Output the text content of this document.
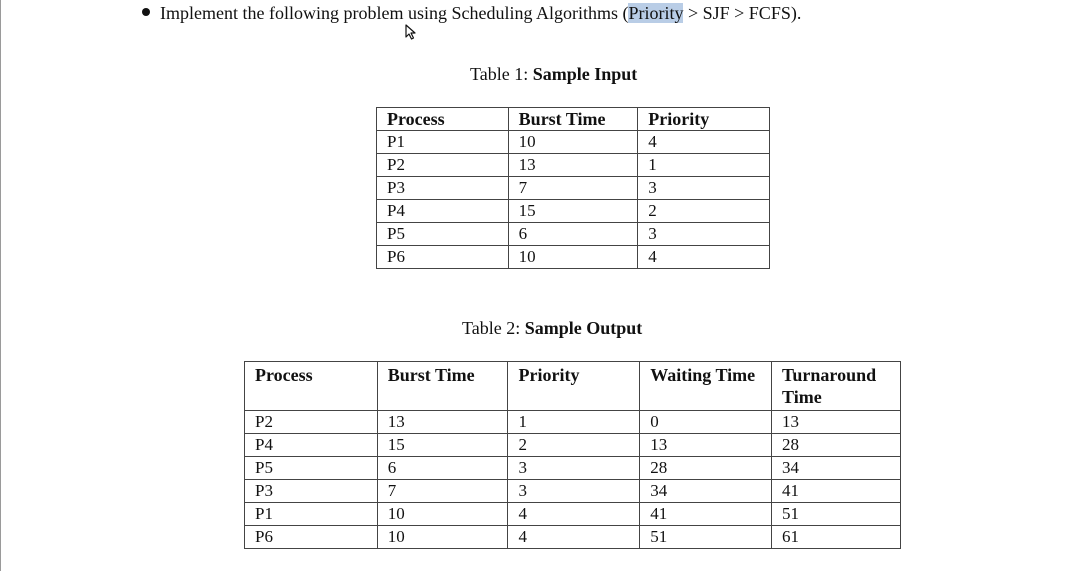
Implement the following problem using Scheduling Algorithms (Priority > SJF > FCFS).
Table 1: Sample Input
Process	Burst Time	Priority
P1	10	4
P2	13	1
P3	7	3
P4	15	2
P5	6	3
P6	10	4
Table 2: Sample Output
Process	Burst Time	Priority	Waiting Time	Turnaround Time
P2	13	1	0	13
P4	15	2	13	28
P5	6	3	28	34
P3	7	3	34	41
P1	10	4	41	51
P6	10	4	51	61
